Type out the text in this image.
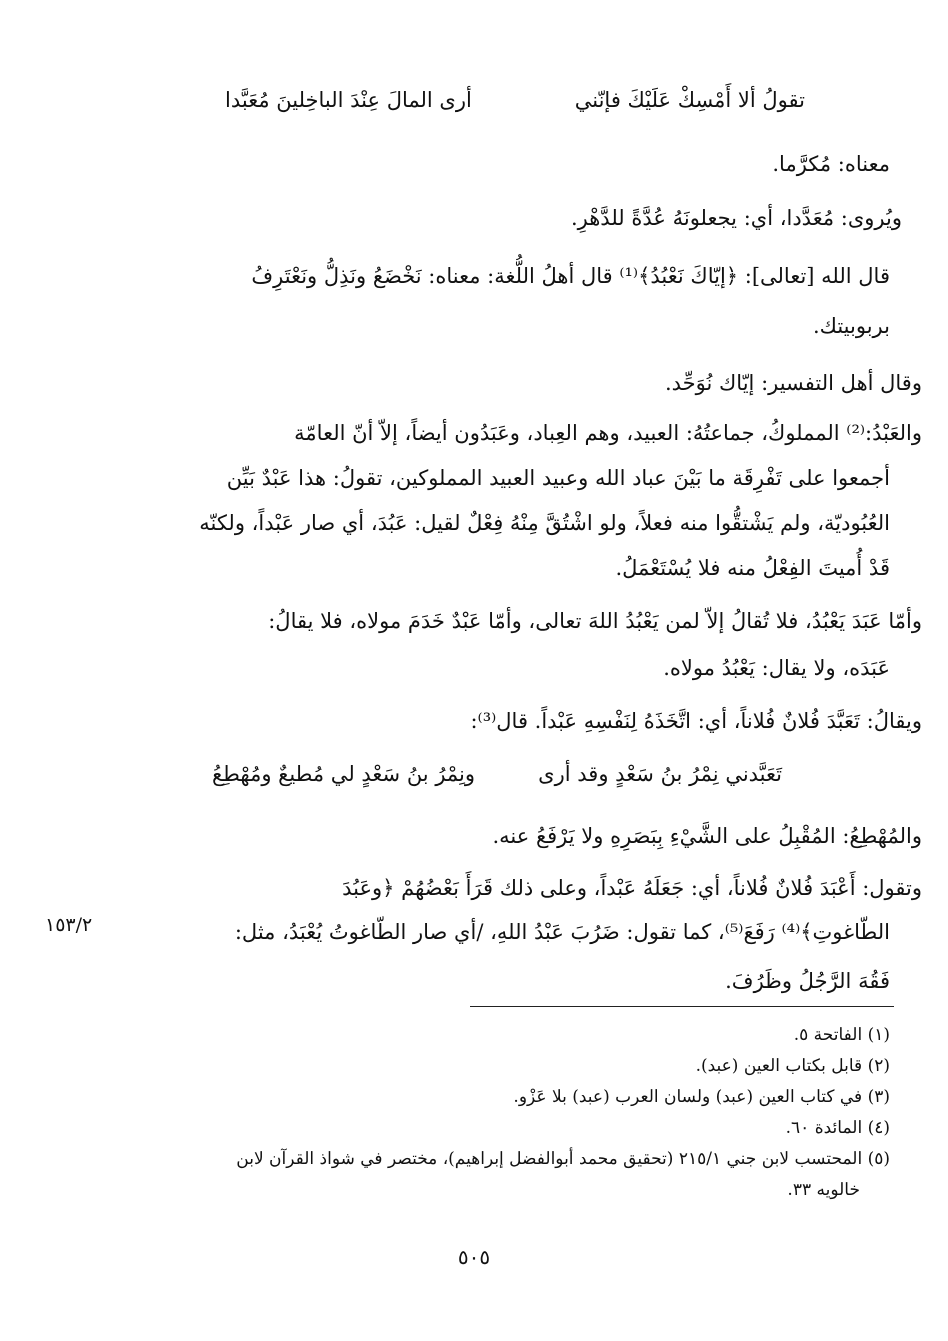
تقولُ ألا أَمْسِكْ عَلَيْكَ فإنّني
أرى المالَ عِنْدَ الباخِلينَ مُعَبَّدا
معناه: مُكرَّما.
ويُروى: مُعَدَّدا، أي: يجعلونَهُ عُدَّةً للدَّهْرِ.
قال الله [تعالى]: ﴿إيّاكَ نَعْبُدُ﴾⁽¹⁾ قال أهلُ اللُّغة: معناه: نَخْضَعُ ونَذِلُّ ونَعْتَرِفُ
بربوبيتك.
وقال أهل التفسير: إيّاك نُوَحِّد.
والعَبْدُ:⁽²⁾ المملوكُ، جماعتُهُ: العبيد، وهم العِباد، وعَبَدُون أيضاً، إلاّ أنّ العامّة
أجمعوا على تَفْرِقَة ما بَيْنَ عباد الله وعبيد العبيد المملوكين، تقولُ: هذا عَبْدٌ بَيِّن
العُبُوديّة، ولم يَشْتقُّوا منه فعلاً، ولو اشْتُقَّ مِنْهُ فِعْلٌ لقيل: عَبُدَ، أي صار عَبْداً، ولكنّه
قَدْ أُميتَ الفِعْلُ منه فلا يُسْتَعْمَلُ.
وأمّا عَبَدَ يَعْبُدُ، فلا تُقالُ إلاّ لمن يَعْبُدُ اللهَ تعالى، وأمّا عَبْدٌ خَدَمَ مولاه، فلا يقالُ:
عَبَدَه، ولا يقال: يَعْبُدُ مولاه.
ويقالُ: تَعَبَّدَ فُلانٌ فُلاناً، أي: اتَّخَذَهُ لِنَفْسِهِ عَبْداً. قال⁽³⁾:
تَعَبَّدني نِمْرُ بنُ سَعْدٍ وقد أرى
ونِمْرُ بنُ سَعْدٍ لي مُطيعٌ ومُهْطِعُ
والمُهْطِعُ: المُقْبِلُ على الشَّيْءِ بِبَصَرِهِ ولا يَرْفَعُ عنه.
وتقول: أَعْبَدَ فُلانٌ فُلاناً، أي: جَعَلَهُ عَبْداً، وعلى ذلك قَرَأَ بَعْضُهُمْ ﴿وعَبُدَ
الطّاغوتِ﴾⁽⁴⁾ رَفَعَ⁽⁵⁾، كما تقول: ضَرُبَ عَبْدُ اللهِ، /أي صار الطّاغوتُ يُعْبَدُ، مثل:
فَقُهَ الرَّجُلُ وظَرُفَ.
١٥٣/٢
(١) الفاتحة ٥.
(٢) قابل بكتاب العين (عبد).
(٣) في كتاب العين (عبد) ولسان العرب (عبد) بلا عَزْو.
(٤) المائدة ٦٠.
(٥) المحتسب لابن جني ٢١٥/١ (تحقيق محمد أبوالفضل إبراهيم)، مختصر في شواذ القرآن لابن
خالويه ٣٣.
٥٠٥
